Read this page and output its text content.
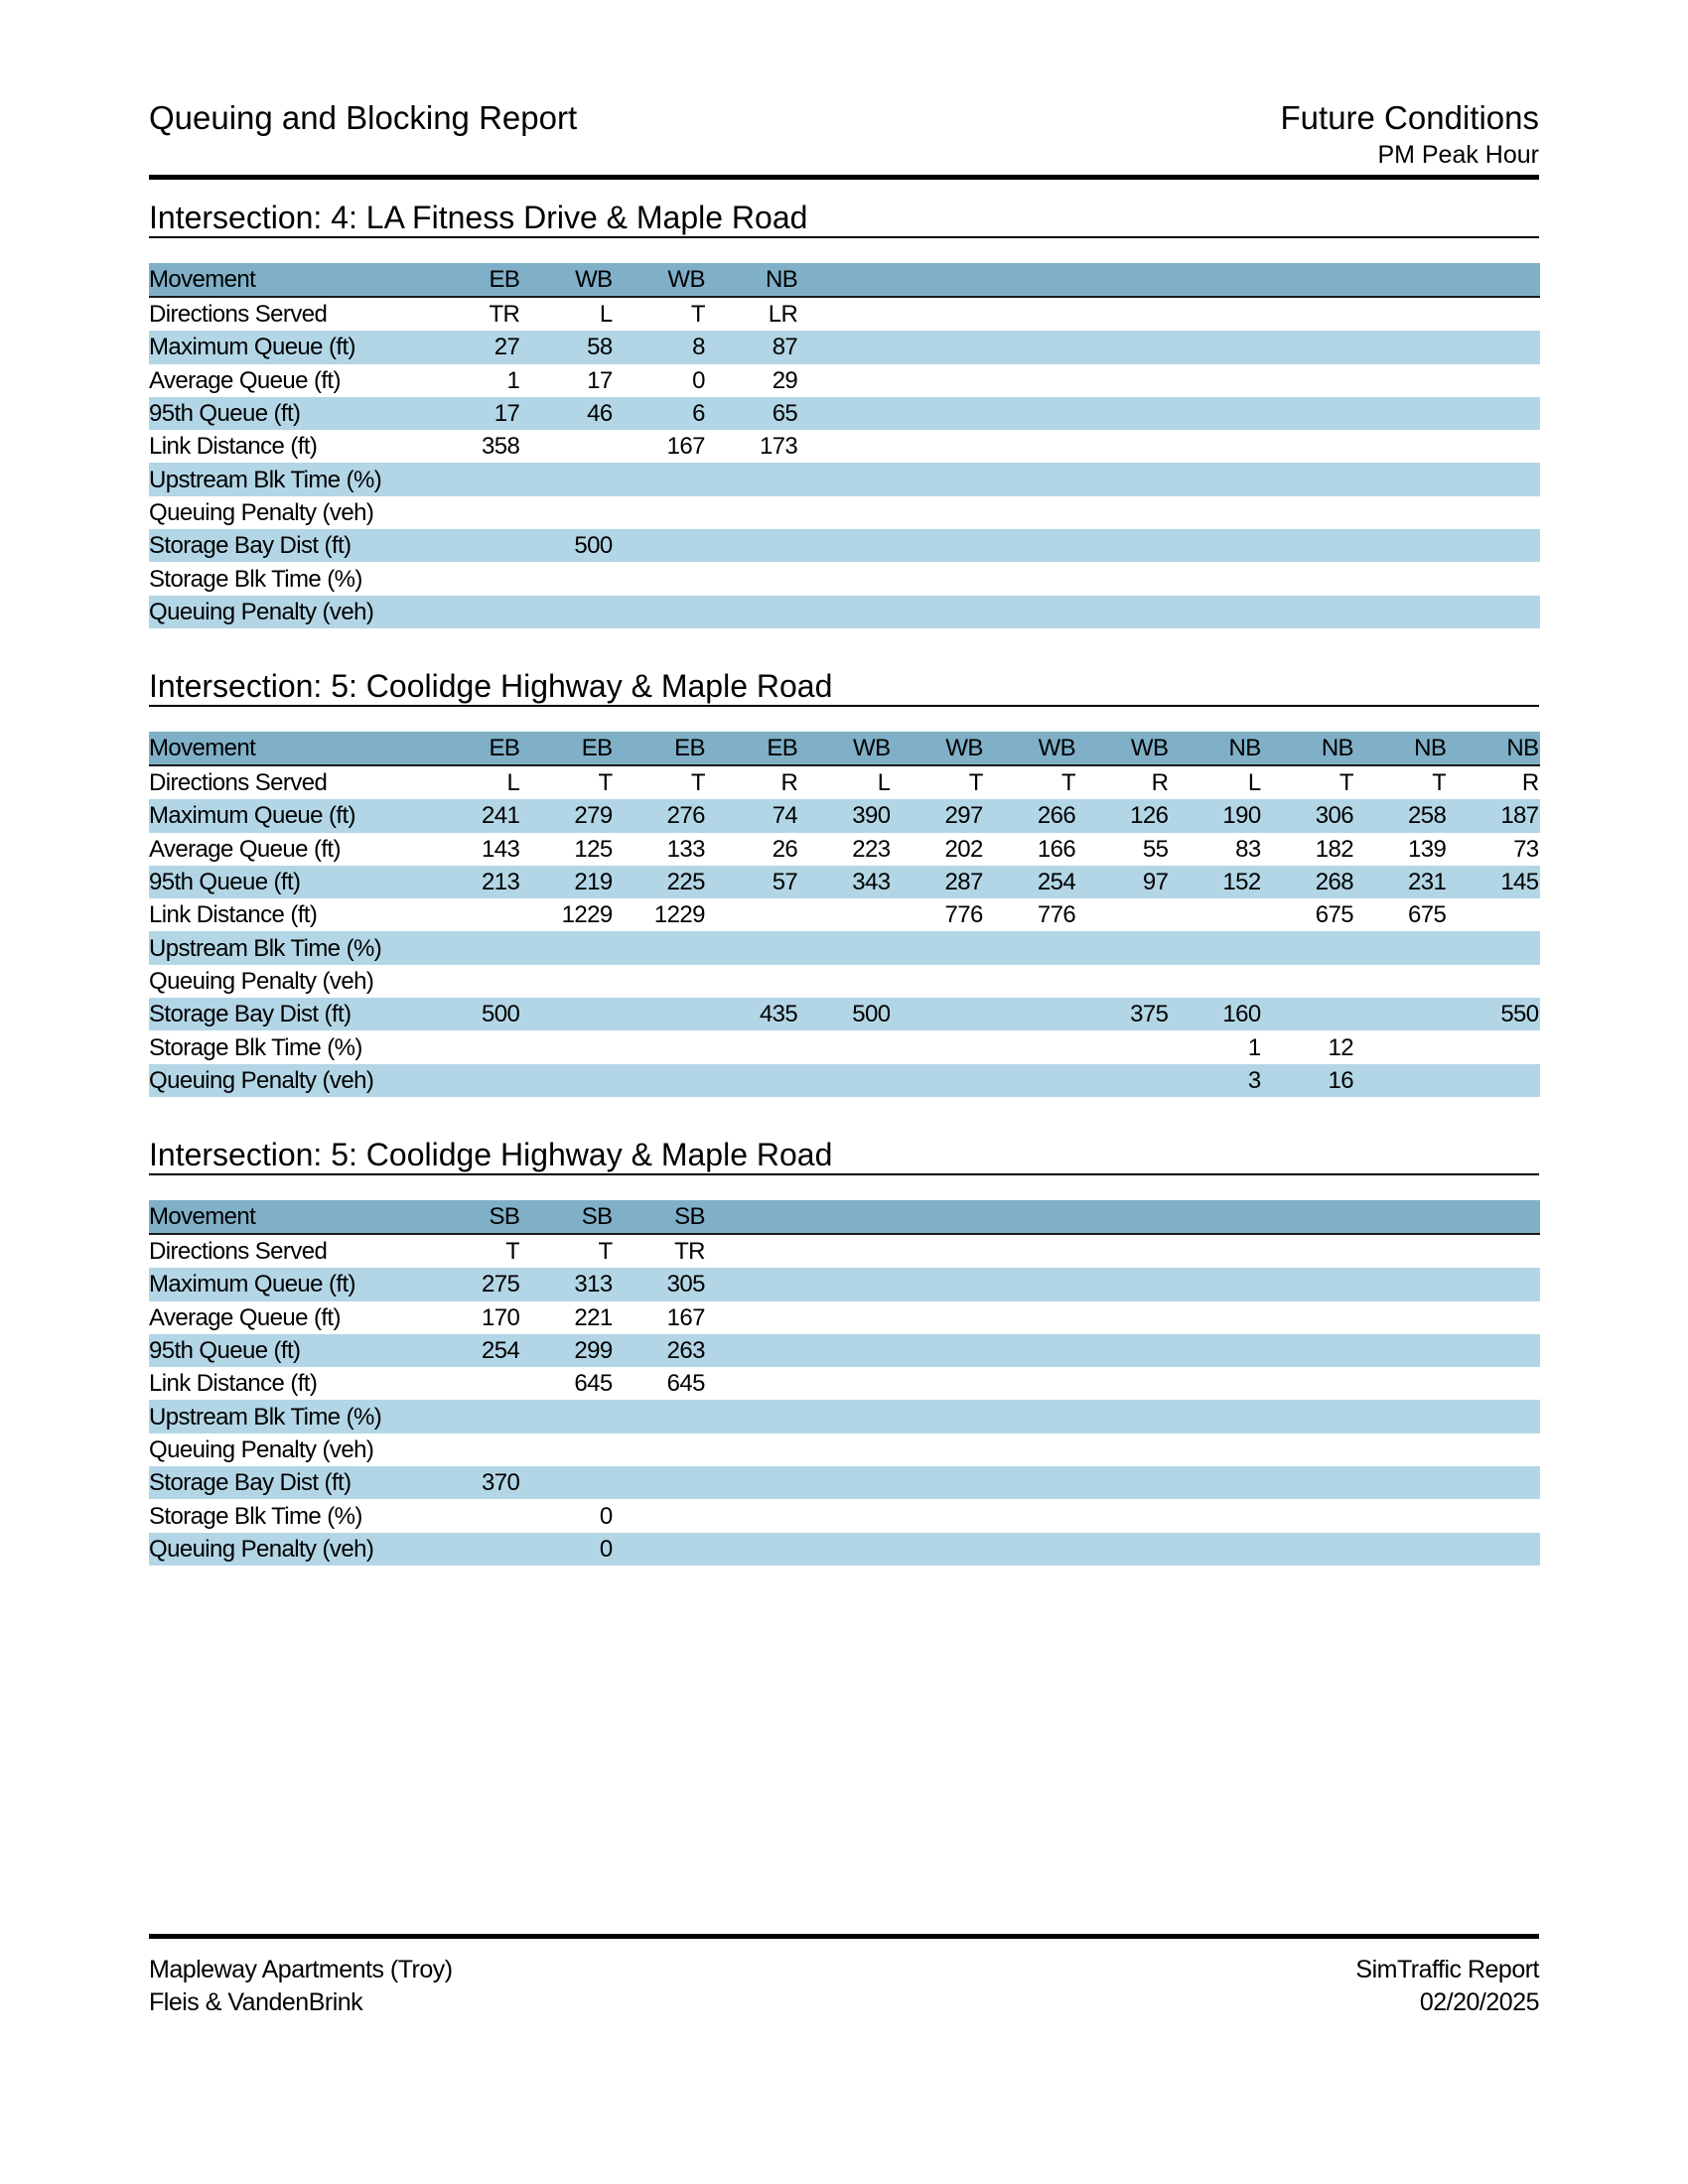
Queuing and Blocking Report	Future Conditions
PM Peak Hour
Intersection: 4: LA Fitness Drive & Maple Road
Movement	EB	WB	WB	NB									
Directions Served	TR	L	T	LR									
Maximum Queue (ft)	27	58	8	87									
Average Queue (ft)	1	17	0	29									
95th Queue (ft)	17	46	6	65									
Link Distance (ft)	358		167	173									
Upstream Blk Time (%)													
Queuing Penalty (veh)													
Storage Bay Dist (ft)		500											
Storage Blk Time (%)													
Queuing Penalty (veh)													
Intersection: 5: Coolidge Highway & Maple Road
Movement	EB	EB	EB	EB	WB	WB	WB	WB	NB	NB	NB	NB	
Directions Served	L	T	T	R	L	T	T	R	L	T	T	R	
Maximum Queue (ft)	241	279	276	74	390	297	266	126	190	306	258	187	
Average Queue (ft)	143	125	133	26	223	202	166	55	83	182	139	73	
95th Queue (ft)	213	219	225	57	343	287	254	97	152	268	231	145	
Link Distance (ft)		1229	1229			776	776			675	675		
Upstream Blk Time (%)													
Queuing Penalty (veh)													
Storage Bay Dist (ft)	500			435	500			375	160			550	
Storage Blk Time (%)									1	12			
Queuing Penalty (veh)									3	16			
Intersection: 5: Coolidge Highway & Maple Road
Movement	SB	SB	SB										
Directions Served	T	T	TR										
Maximum Queue (ft)	275	313	305										
Average Queue (ft)	170	221	167										
95th Queue (ft)	254	299	263										
Link Distance (ft)		645	645										
Upstream Blk Time (%)													
Queuing Penalty (veh)													
Storage Bay Dist (ft)	370												
Storage Blk Time (%)		0											
Queuing Penalty (veh)		0											
Mapleway Apartments (Troy)
Fleis & VandenBrink
SimTraffic Report
02/20/2025
